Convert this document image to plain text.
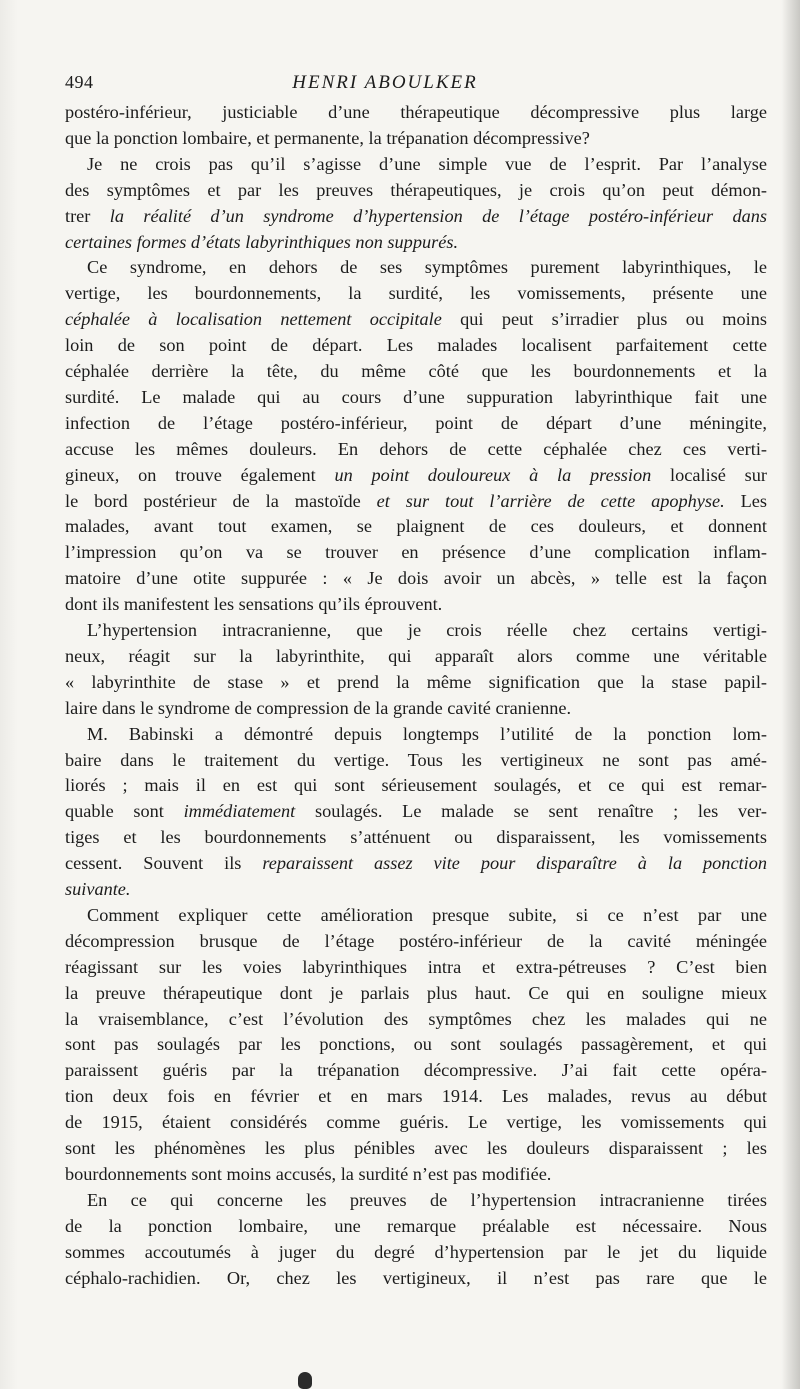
494	HENRI ABOULKER
postéro-inférieur, justiciable d’une thérapeutique décompressive plus large
que la ponction lombaire, et permanente, la trépanation décompressive?
Je ne crois pas qu’il s’agisse d’une simple vue de l’esprit. Par l’analyse
des symptômes et par les preuves thérapeutiques, je crois qu’on peut démon-
trer la réalité d’un syndrome d’hypertension de l’étage postéro-inférieur dans
certaines formes d’états labyrinthiques non suppurés.
Ce syndrome, en dehors de ses symptômes purement labyrinthiques, le
vertige, les bourdonnements, la surdité, les vomissements, présente une
céphalée à localisation nettement occipitale qui peut s’irradier plus ou moins
loin de son point de départ. Les malades localisent parfaitement cette
céphalée derrière la tête, du même côté que les bourdonnements et la
surdité. Le malade qui au cours d’une suppuration labyrinthique fait une
infection de l’étage postéro-inférieur, point de départ d’une méningite,
accuse les mêmes douleurs. En dehors de cette céphalée chez ces verti-
gineux, on trouve également un point douloureux à la pression localisé sur
le bord postérieur de la mastoïde et sur tout l’arrière de cette apophyse. Les
malades, avant tout examen, se plaignent de ces douleurs, et donnent
l’impression qu’on va se trouver en présence d’une complication inflam-
matoire d’une otite suppurée : « Je dois avoir un abcès, » telle est la façon
dont ils manifestent les sensations qu’ils éprouvent.
L’hypertension intracranienne, que je crois réelle chez certains vertigi-
neux, réagit sur la labyrinthite, qui apparaît alors comme une véritable
« labyrinthite de stase » et prend la même signification que la stase papil-
laire dans le syndrome de compression de la grande cavité cranienne.
M. Babinski a démontré depuis longtemps l’utilité de la ponction lom-
baire dans le traitement du vertige. Tous les vertigineux ne sont pas amé-
liorés ; mais il en est qui sont sérieusement soulagés, et ce qui est remar-
quable sont immédiatement soulagés. Le malade se sent renaître ; les ver-
tiges et les bourdonnements s’atténuent ou disparaissent, les vomissements
cessent. Souvent ils reparaissent assez vite pour disparaître à la ponction
suivante.
Comment expliquer cette amélioration presque subite, si ce n’est par une
décompression brusque de l’étage postéro-inférieur de la cavité méningée
réagissant sur les voies labyrinthiques intra et extra-pétreuses ? C’est bien
la preuve thérapeutique dont je parlais plus haut. Ce qui en souligne mieux
la vraisemblance, c’est l’évolution des symptômes chez les malades qui ne
sont pas soulagés par les ponctions, ou sont soulagés passagèrement, et qui
paraissent guéris par la trépanation décompressive. J’ai fait cette opéra-
tion deux fois en février et en mars 1914. Les malades, revus au début
de 1915, étaient considérés comme guéris. Le vertige, les vomissements qui
sont les phénomènes les plus pénibles avec les douleurs disparaissent ; les
bourdonnements sont moins accusés, la surdité n’est pas modifiée.
En ce qui concerne les preuves de l’hypertension intracranienne tirées
de la ponction lombaire, une remarque préalable est nécessaire. Nous
sommes accoutumés à juger du degré d’hypertension par le jet du liquide
céphalo-rachidien. Or, chez les vertigineux, il n’est pas rare que le
